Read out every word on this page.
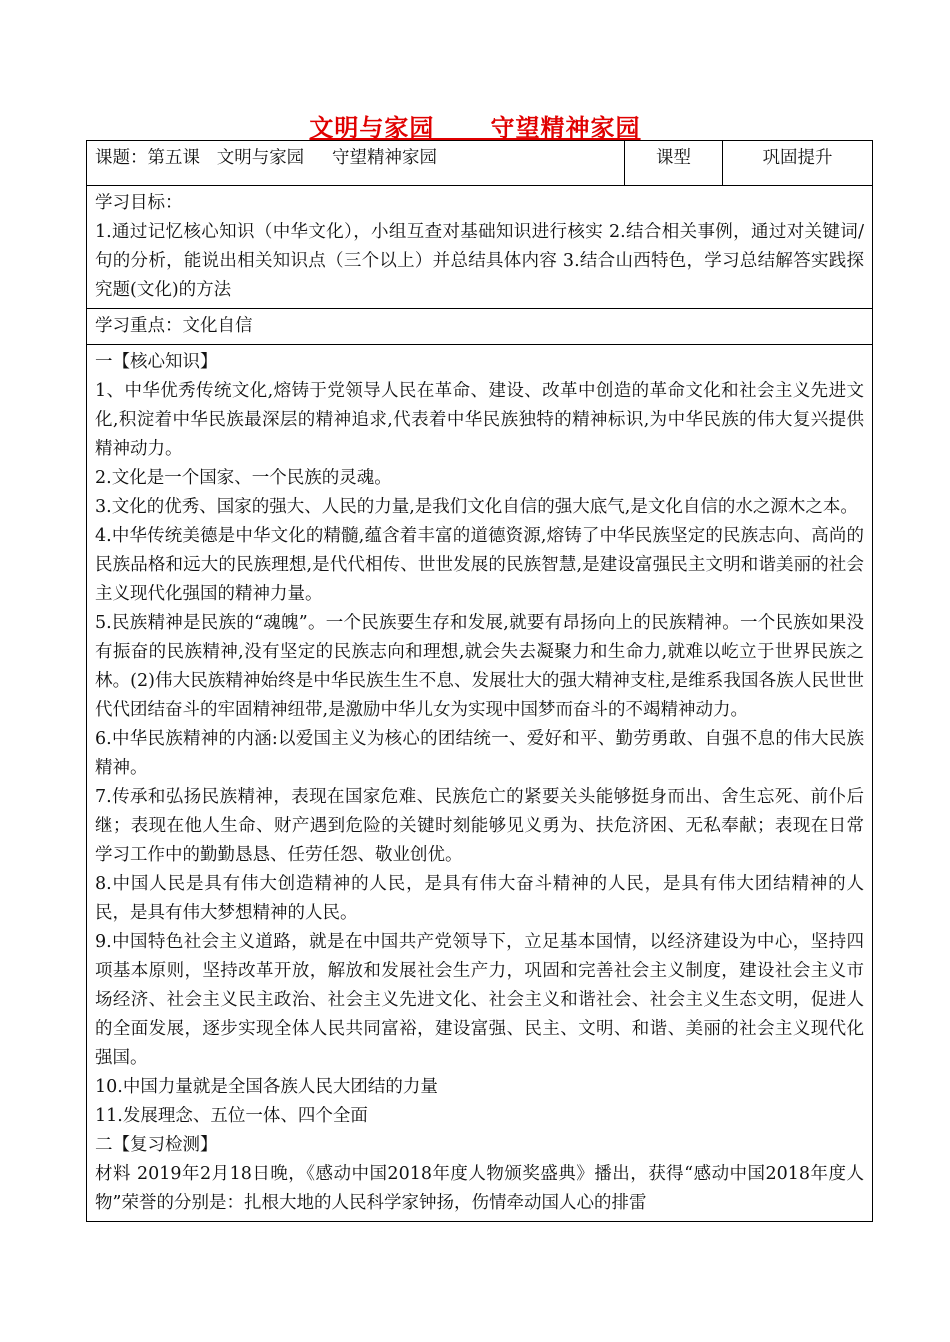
文明与家园      守望精神家园
课题：第五课   文明与家园     守望精神家园	课型	巩固提升

学习目标：
1.通过记忆核心知识（中华文化），小组互查对基础知识进行核实 2.结合相关事例，通过对关键词/句的分析，能说出相关知识点（三个以上）并总结具体内容 3.结合山西特色，学习总结解答实践探究题(文化)的方法

学习重点：文化自信

一【核心知识】
1、中华优秀传统文化,熔铸于党领导人民在革命、建设、改革中创造的革命文化和社会主义先进文化,积淀着中华民族最深层的精神追求,代表着中华民族独特的精神标识,为中华民族的伟大复兴提供精神动力。
2.文化是一个国家、一个民族的灵魂。
3.文化的优秀、国家的强大、人民的力量,是我们文化自信的强大底气,是文化自信的水之源木之本。
4.中华传统美德是中华文化的精髓,蕴含着丰富的道德资源,熔铸了中华民族坚定的民族志向、高尚的民族品格和远大的民族理想,是代代相传、世世发展的民族智慧,是建设富强民主文明和谐美丽的社会主义现代化强国的精神力量。
5.民族精神是民族的“魂魄”。一个民族要生存和发展,就要有昂扬向上的民族精神。一个民族如果没有振奋的民族精神,没有坚定的民族志向和理想,就会失去凝聚力和生命力,就难以屹立于世界民族之林。(2)伟大民族精神始终是中华民族生生不息、发展壮大的强大精神支柱,是维系我国各族人民世世代代团结奋斗的牢固精神纽带,是激励中华儿女为实现中国梦而奋斗的不竭精神动力。
6.中华民族精神的内涵:以爱国主义为核心的团结统一、爱好和平、勤劳勇敢、自强不息的伟大民族精神。
7.传承和弘扬民族精神，表现在国家危难、民族危亡的紧要关头能够挺身而出、舍生忘死、前仆后继；表现在他人生命、财产遇到危险的关键时刻能够见义勇为、扶危济困、无私奉献；表现在日常学习工作中的勤勤恳恳、任劳任怨、敬业创优。
8.中国人民是具有伟大创造精神的人民，是具有伟大奋斗精神的人民，是具有伟大团结精神的人民，是具有伟大梦想精神的人民。
9.中国特色社会主义道路，就是在中国共产党领导下，立足基本国情，以经济建设为中心，坚持四项基本原则，坚持改革开放，解放和发展社会生产力，巩固和完善社会主义制度，建设社会主义市场经济、社会主义民主政治、社会主义先进文化、社会主义和谐社会、社会主义生态文明，促进人的全面发展，逐步实现全体人民共同富裕，建设富强、民主、文明、和谐、美丽的社会主义现代化强国。
10.中国力量就是全国各族人民大团结的力量
11.发展理念、五位一体、四个全面
二【复习检测】
材料 2019年2月18日晚，《感动中国2018年度人物颁奖盛典》播出，获得“感动中国2018年度人物”荣誉的分别是：扎根大地的人民科学家钟扬，伤情牵动国人心的排雷
